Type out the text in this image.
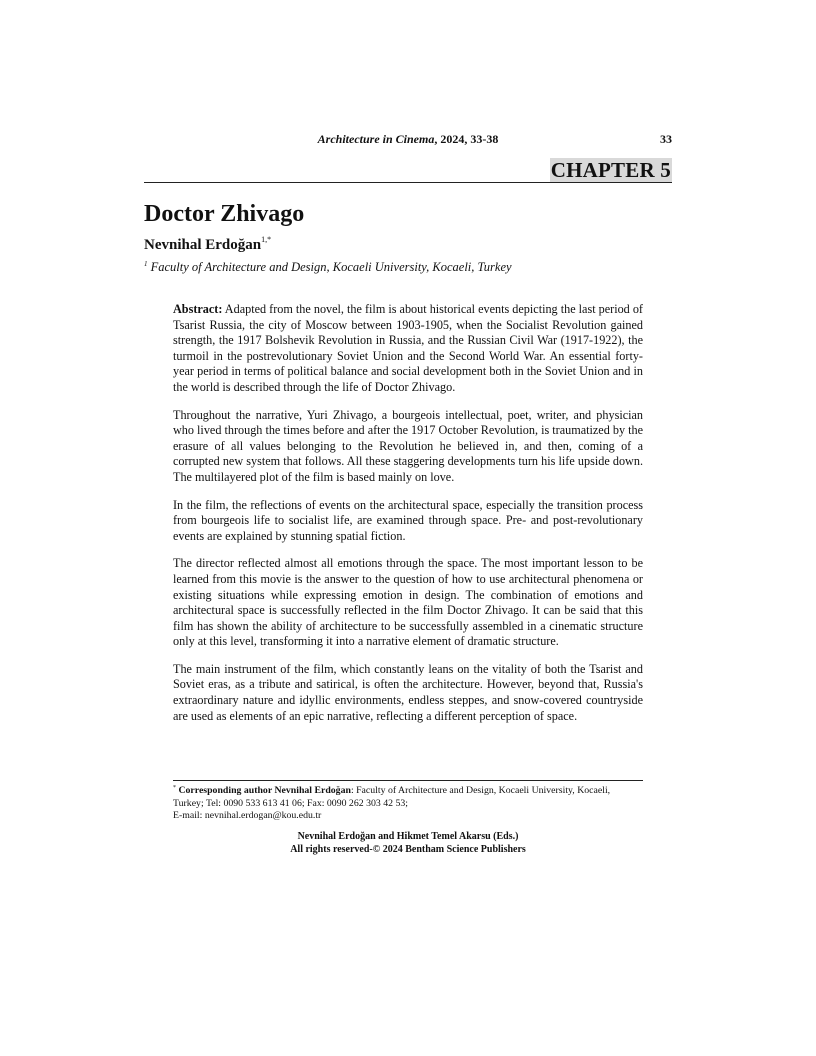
Architecture in Cinema, 2024, 33-38	33
CHAPTER 5
Doctor Zhivago
Nevnihal Erdoğan$^{1,*}$
$^1$ Faculty of Architecture and Design, Kocaeli University, Kocaeli, Turkey

Abstract: Adapted from the novel, the film is about historical events depicting the last period of Tsarist Russia, the city of Moscow between 1903-1905, when the Socialist Revolution gained strength, the 1917 Bolshevik Revolution in Russia, and the Russian Civil War (1917-1922), the turmoil in the postrevolutionary Soviet Union and the Second World War. An essential forty-year period in terms of political balance and social development both in the Soviet Union and in the world is described through the life of Doctor Zhivago.

Throughout the narrative, Yuri Zhivago, a bourgeois intellectual, poet, writer, and physician who lived through the times before and after the 1917 October Revolution, is traumatized by the erasure of all values belonging to the Revolution he believed in, and then, coming of a corrupted new system that follows. All these staggering developments turn his life upside down. The multilayered plot of the film is based mainly on love.

In the film, the reflections of events on the architectural space, especially the transition process from bourgeois life to socialist life, are examined through space. Pre- and post-revolutionary events are explained by stunning spatial fiction.

The director reflected almost all emotions through the space. The most important lesson to be learned from this movie is the answer to the question of how to use architectural phenomena or existing situations while expressing emotion in design. The combination of emotions and architectural space is successfully reflected in the film Doctor Zhivago. It can be said that this film has shown the ability of architecture to be successfully assembled in a cinematic structure only at this level, transforming it into a narrative element of dramatic structure.

The main instrument of the film, which constantly leans on the vitality of both the Tsarist and Soviet eras, as a tribute and satirical, is often the architecture. However, beyond that, Russia's extraordinary nature and idyllic environments, endless steppes, and snow-covered countryside are used as elements of an epic narrative, reflecting a different perception of space.

* Corresponding author Nevnihal Erdoğan: Faculty of Architecture and Design, Kocaeli University, Kocaeli, Turkey; Tel: 0090 533 613 41 06; Fax: 0090 262 303 42 53;

E-mail: nevnihal.erdogan@kou.edu.tr

Nevnihal Erdoğan and Hikmet Temel Akarsu (Eds.)
All rights reserved-© 2024 Bentham Science Publishers
